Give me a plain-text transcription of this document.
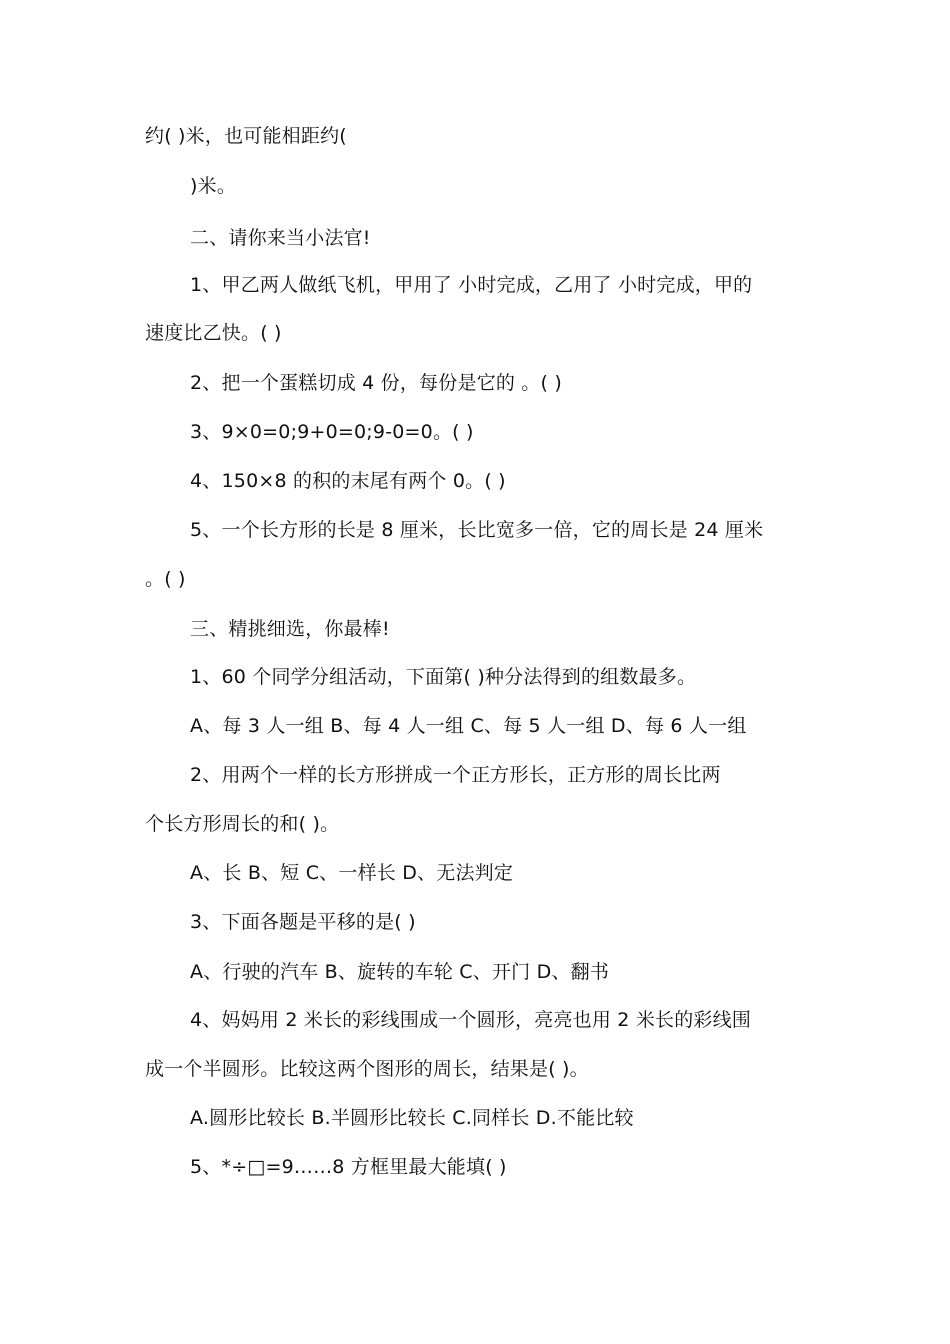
约( )米，也可能相距约(
)米。
二、请你来当小法官!
1、甲乙两人做纸飞机，甲用了 小时完成，乙用了 小时完成，甲的
速度比乙快。( )
2、把一个蛋糕切成 4 份，每份是它的 。( )
3、9×0=0;9+0=0;9-0=0。( )
4、150×8 的积的末尾有两个 0。( )
5、一个长方形的长是 8 厘米，长比宽多一倍，它的周长是 24 厘米
。( )
三、精挑细选，你最棒!
1、60 个同学分组活动，下面第( )种分法得到的组数最多。
A、每 3 人一组 B、每 4 人一组 C、每 5 人一组 D、每 6 人一组
2、用两个一样的长方形拼成一个正方形长，正方形的周长比两
个长方形周长的和( )。
A、长 B、短 C、一样长 D、无法判定
3、下面各题是平移的是( )
A、行驶的汽车 B、旋转的车轮 C、开门 D、翻书
4、妈妈用 2 米长的彩线围成一个圆形，亮亮也用 2 米长的彩线围
成一个半圆形。比较这两个图形的周长，结果是( )。
A.圆形比较长 B.半圆形比较长 C.同样长 D.不能比较
5、*÷□=9……8 方框里最大能填( )
